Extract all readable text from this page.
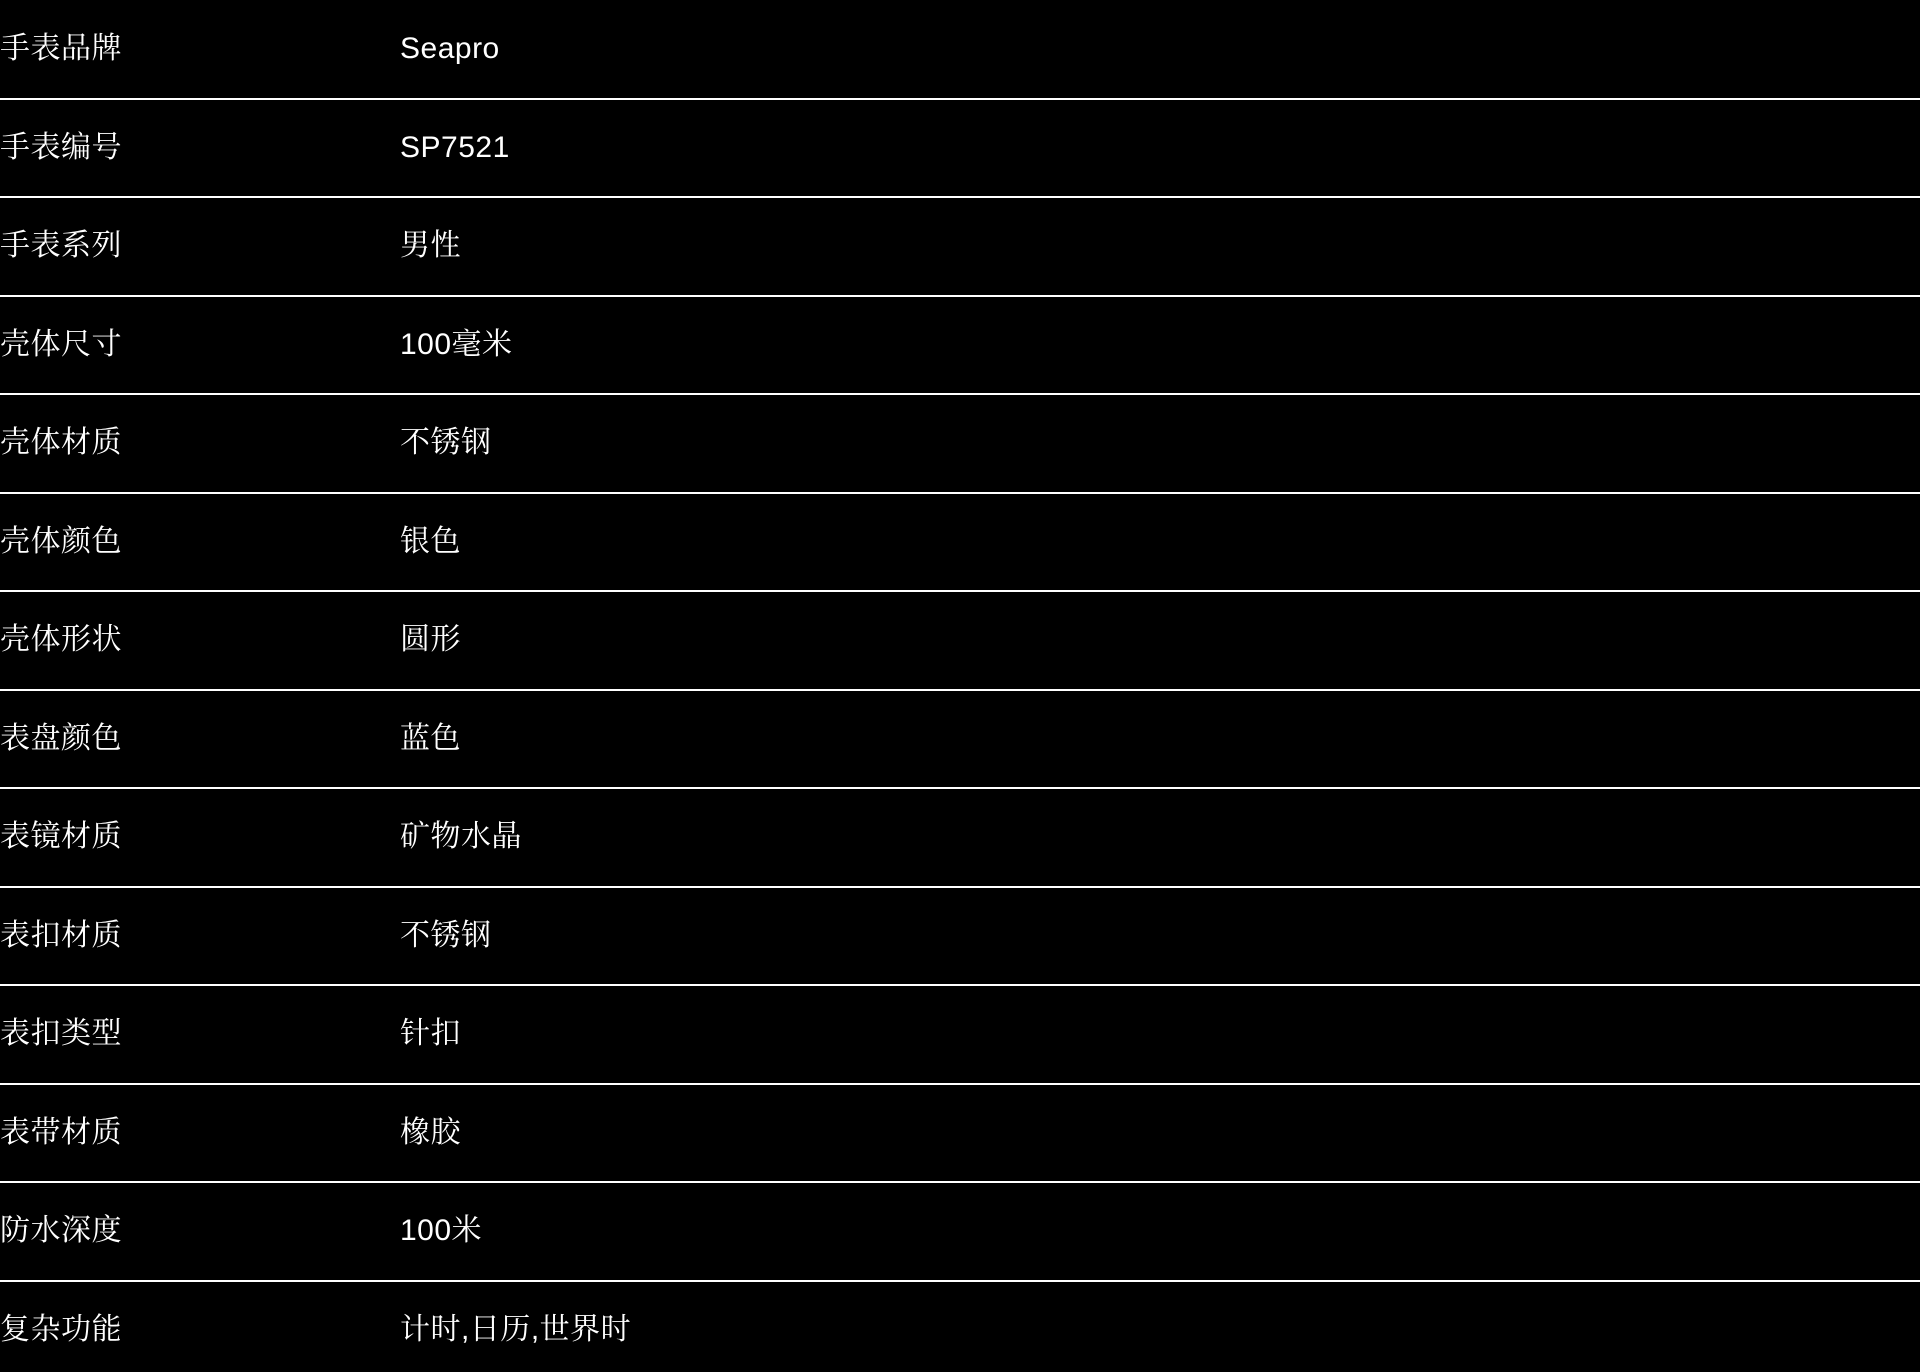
手表品牌	Seapro
手表编号	SP7521
手表系列	男性
壳体尺寸	100毫米
壳体材质	不锈钢
壳体颜色	银色
壳体形状	圆形
表盘颜色	蓝色
表镜材质	矿物水晶
表扣材质	不锈钢
表扣类型	针扣
表带材质	橡胶
防水深度	100米
复杂功能	计时,日历,世界时
